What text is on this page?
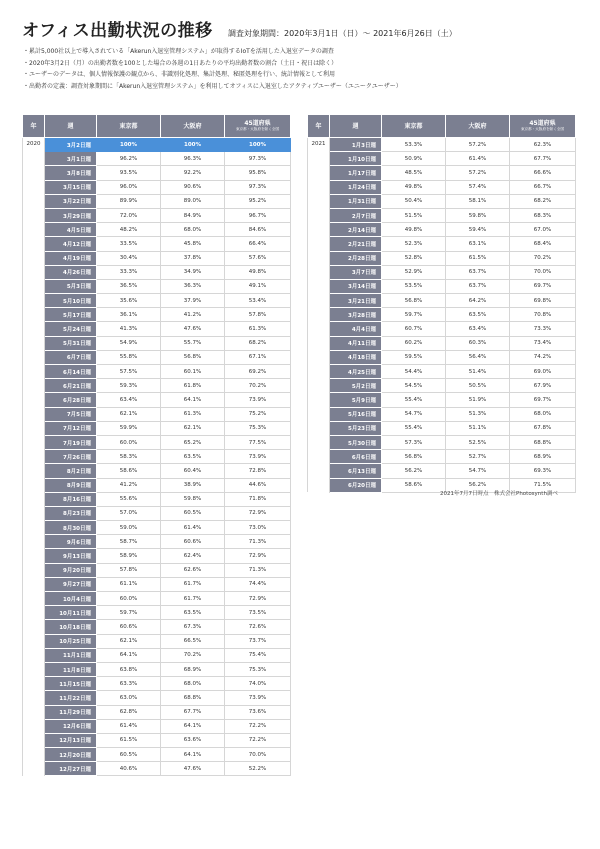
オフィス出勤状況の推移 調査対象期間：2020年3月1日（日）〜 2021年6月26日（土）
・累計5,000社以上で導入されている「Akerun入退室管理システム」が取得するIoTを活用した入退室データの調査
・2020年3月2日（月）の出勤者数を100とした場合の各週の1日あたりの平均出勤者数の割合（土日・祝日は除く）
・ユーザーのデータは、個人情報保護の観点から、非識別化処理、集計処理、秘匿処理を行い、統計情報として利用
・出勤者の定義：調査対象期間に「Akerun入退室管理システム」を利用してオフィスに入退室したアクティブユーザー（ユニークユーザー）
年	週	東京都	大阪府	45道府県
東京都・大阪府を除く全国

2020	3月2日週	100%	100%	100%
	3月1日週	96.2%	96.3%	97.3%
	3月8日週	93.5%	92.2%	95.8%
	3月15日週	96.0%	90.6%	97.3%
	3月22日週	89.9%	89.0%	95.2%
	3月29日週	72.0%	84.9%	96.7%
	4月5日週	48.2%	68.0%	84.6%
	4月12日週	33.5%	45.8%	66.4%
	4月19日週	30.4%	37.8%	57.6%
	4月26日週	33.3%	34.9%	49.8%
	5月3日週	36.5%	36.3%	49.1%
	5月10日週	35.6%	37.9%	53.4%
	5月17日週	36.1%	41.2%	57.8%
	5月24日週	41.3%	47.6%	61.3%
	5月31日週	54.9%	55.7%	68.2%
	6月7日週	55.8%	56.8%	67.1%
	6月14日週	57.5%	60.1%	69.2%
	6月21日週	59.3%	61.8%	70.2%
	6月28日週	63.4%	64.1%	73.9%
	7月5日週	62.1%	61.3%	75.2%
	7月12日週	59.9%	62.1%	75.3%
	7月19日週	60.0%	65.2%	77.5%
	7月26日週	58.3%	63.5%	73.9%
	8月2日週	58.6%	60.4%	72.8%
	8月9日週	41.2%	38.9%	44.6%
	8月16日週	55.6%	59.8%	71.8%
	8月23日週	57.0%	60.5%	72.9%
	8月30日週	59.0%	61.4%	73.0%
	9月6日週	58.7%	60.6%	71.3%
	9月13日週	58.9%	62.4%	72.9%
	9月20日週	57.8%	62.6%	71.3%
	9月27日週	61.1%	61.7%	74.4%
	10月4日週	60.0%	61.7%	72.9%
	10月11日週	59.7%	63.5%	73.5%
	10月18日週	60.6%	67.3%	72.6%
	10月25日週	62.1%	66.5%	73.7%
	11月1日週	64.1%	70.2%	75.4%
	11月8日週	63.8%	68.9%	75.3%
	11月15日週	63.3%	68.0%	74.0%
	11月22日週	63.0%	68.8%	73.9%
	11月29日週	62.8%	67.7%	73.6%
	12月6日週	61.4%	64.1%	72.2%
	12月13日週	61.5%	63.6%	72.2%
	12月20日週	60.5%	64.1%	70.0%
	12月27日週	40.6%	47.6%	52.2%
年	週	東京都	大阪府	45道府県
東京都・大阪府を除く全国

2021	1月3日週	53.3%	57.2%	62.3%
	1月10日週	50.9%	61.4%	67.7%
	1月17日週	48.5%	57.2%	66.6%
	1月24日週	49.8%	57.4%	66.7%
	1月31日週	50.4%	58.1%	68.2%
	2月7日週	51.5%	59.8%	68.3%
	2月14日週	49.8%	59.4%	67.0%
	2月21日週	52.3%	63.1%	68.4%
	2月28日週	52.8%	61.5%	70.2%
	3月7日週	52.9%	63.7%	70.0%
	3月14日週	53.5%	63.7%	69.7%
	3月21日週	56.8%	64.2%	69.8%
	3月28日週	59.7%	63.5%	70.8%
	4月4日週	60.7%	63.4%	73.3%
	4月11日週	60.2%	60.3%	73.4%
	4月18日週	59.5%	56.4%	74.2%
	4月25日週	54.4%	51.4%	69.0%
	5月2日週	54.5%	50.5%	67.9%
	5月9日週	55.4%	51.9%	69.7%
	5月16日週	54.7%	51.3%	68.0%
	5月23日週	55.4%	51.1%	67.8%
	5月30日週	57.3%	52.5%	68.8%
	6月6日週	56.8%	52.7%	68.9%
	6月13日週	56.2%	54.7%	69.3%
	6月20日週	58.6%	56.2%	71.5%
2021年7月7日時点　株式会社Photosynth調べ
